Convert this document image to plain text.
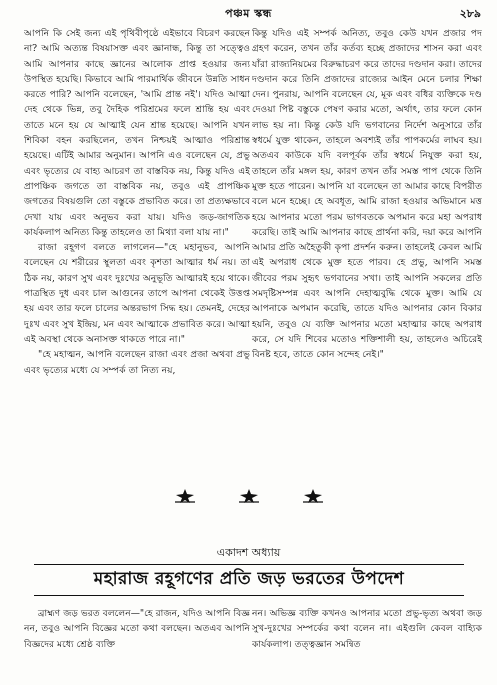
পঞ্চম স্কন্ধ	২৮৯

আপনি কি সেই জন্য এই পৃথিবীপৃষ্ঠে এইভাবে বিচরণ করছেন না? আমি অত্যন্ত বিষয়াসক্ত এবং জ্ঞানান্ধ, কিন্তু তা সত্ত্বেও আমি আপনার কাছে জ্ঞানের আলোক প্রাপ্ত হওয়ার জন্য উপস্থিত হয়েছি। কিভাবে আমি পারমার্থিক জীবনে উন্নতি সাধন করতে পারি? আপনি বলেছেন, 'আমি প্রান্ত নই'। যদিও আত্মা দেহ থেকে ভিন্ন, তবু দৈহিক পরিশ্রমের ফলে শ্রান্তি হয় এবং তাতে মনে হয় যে আত্মাই যেন শ্রান্ত হয়েছে। আপনি যখন শিবিকা বহন করছিলেন, তখন নিশ্চয়ই আত্মাও পরিশ্রান্ত হয়েছে। এটিই আমার অনুমান। আপনি এও বলেছেন যে, প্রভু এবং ভৃত্যের যে বাহ্য আচরণ তা বাস্তবিক নয়, কিন্তু যদিও এই প্রাপঞ্চিক জগতে তা বাস্তবিক নয়, তবুও এই প্রাপঞ্চিক জগতের বিষয়গুলি তো বস্তুকে প্রভাবিত করে। তা প্রত্যক্ষভাবে দেখা যায় এবং অনুভব করা যায়। যদিও জড়-জাগতিক কার্যকলাপ অনিত্য কিন্তু তাহলেও তা মিথ্যা বলা যায় না।"

রাজা রহূগণ বলতে লাগলেন—"হে মহানুভব, আপনি বলেছেন যে শরীরের স্থূলতা এবং কৃশতা আত্মার ধর্ম নয়। তা ঠিক নয়, কারণ সুখ এবং দুঃখের অনুভূতি আত্মারই হয়ে থাকে। পাত্রস্থিত দুধ এবং চাল আগুনের তাপে আপনা থেকেই উত্তপ্ত হয় এবং তার ফলে চালের অন্তরভাগ সিদ্ধ হয়। তেমনই, দেহের দুঃখ এবং সুখ ইন্দ্রিয়, মন এবং আত্মাকে প্রভাবিত করে। আত্মা এই অবস্থা থেকে অনাসক্ত থাকতে পারে না।"

"হে মহাত্মন, আপনি বলেছেন রাজা এবং প্রজা অথবা প্রভু এবং ভৃত্যের মধ্যে যে সম্পর্ক তা নিত্য নয়,

কিন্তু যদিও এই সম্পর্ক অনিত্য, তবুও কেউ যখন প্রজার পদ গ্রহণ করেন, তখন তাঁর কর্তব্য হচ্ছে প্রজাদের শাসন করা এবং যাঁরা রাজ্যনিয়মের বিরুদ্ধাচরণ করে তাদের দণ্ডদান করা। তাদের দণ্ডদান করে তিনি প্রজাদের রাজ্যের আইন মেনে চলার শিক্ষা দেন। পুনরায়, আপনি বলেছেন যে, মূক এবং বধির ব্যক্তিকে দণ্ড দেওয়া পিষ্ট বস্তুকে পেষণ করার মতো, অর্থাৎ, তার ফলে কোন লাভ হয় না। কিন্তু কেউ যদি ভগবানের নির্দেশ অনুসারে তাঁর স্বধর্মে যুক্ত থাকেন, তাহলে অবশ্যই তাঁর পাপকর্মের লাঘব হয়। অতএব কাউকে যদি বলপূর্বক তাঁর স্বধর্মে নিযুক্ত করা হয়, তাহলে তাঁর মঙ্গল হয়, কারণ তখন তাঁর সমস্ত পাপ থেকে তিনি মুক্ত হতে পারেন। আপনি যা বলেছেন তা আমার কাছে বিপরীত বলে মনে হচ্ছে। হে অবধূত, আমি রাজা হওয়ার অভিমানে মত্ত হয়ে আপনার মতো পরম ভাগবতকে অপমান করে মহা অপরাধ করেছি। তাই আমি আপনার কাছে প্রার্থনা করি, দয়া করে আপনি আমার প্রতি অহৈতুকী কৃপা প্রদর্শন করুন। তাহলেই কেবল আমি এই অপরাধ থেকে মুক্ত হতে পারব। হে প্রভু, আপনি সমস্ত জীবের পরম সুহৃৎ ভগবানের সখা। তাই আপনি সকলের প্রতি সমদৃষ্টিসম্পন্ন এবং আপনি দেহাত্মবুদ্ধি থেকে মুক্ত। আমি যে আপনাকে অপমান করেছি, তাতে যদিও আপনার কোন বিকার হয়নি, তবুও যে ব্যক্তি আপনার মতো মহাত্মার কাছে অপরাধ করে, সে যদি শিবের মতোও শক্তিশালী হয়, তাহলেও অচিরেই বিনষ্ট হবে, তাতে কোন সন্দেহ নেই।"

একাদশ অধ্যায়
মহারাজ রহূগণের প্রতি জড় ভরতের উপদেশ

ব্রাহ্মণ জড় ভরত বললেন—"হে রাজন, যদিও আপনি বিজ্ঞ নন, তবুও আপনি বিজ্ঞের মতো কথা বলছেন। অতএব আপনি বিজ্ঞদের মধ্যে শ্রেষ্ঠ ব্যক্তি

নন। অভিজ্ঞ ব্যক্তি কখনও আপনার মতো প্রভু-ভৃত্য অথবা জড় সুখ-দুঃখের সম্পর্কের কথা বলেন না। এইগুলি কেবল বাহ্যিক কার্যকলাপ। তত্ত্বজ্ঞান সমন্বিত
